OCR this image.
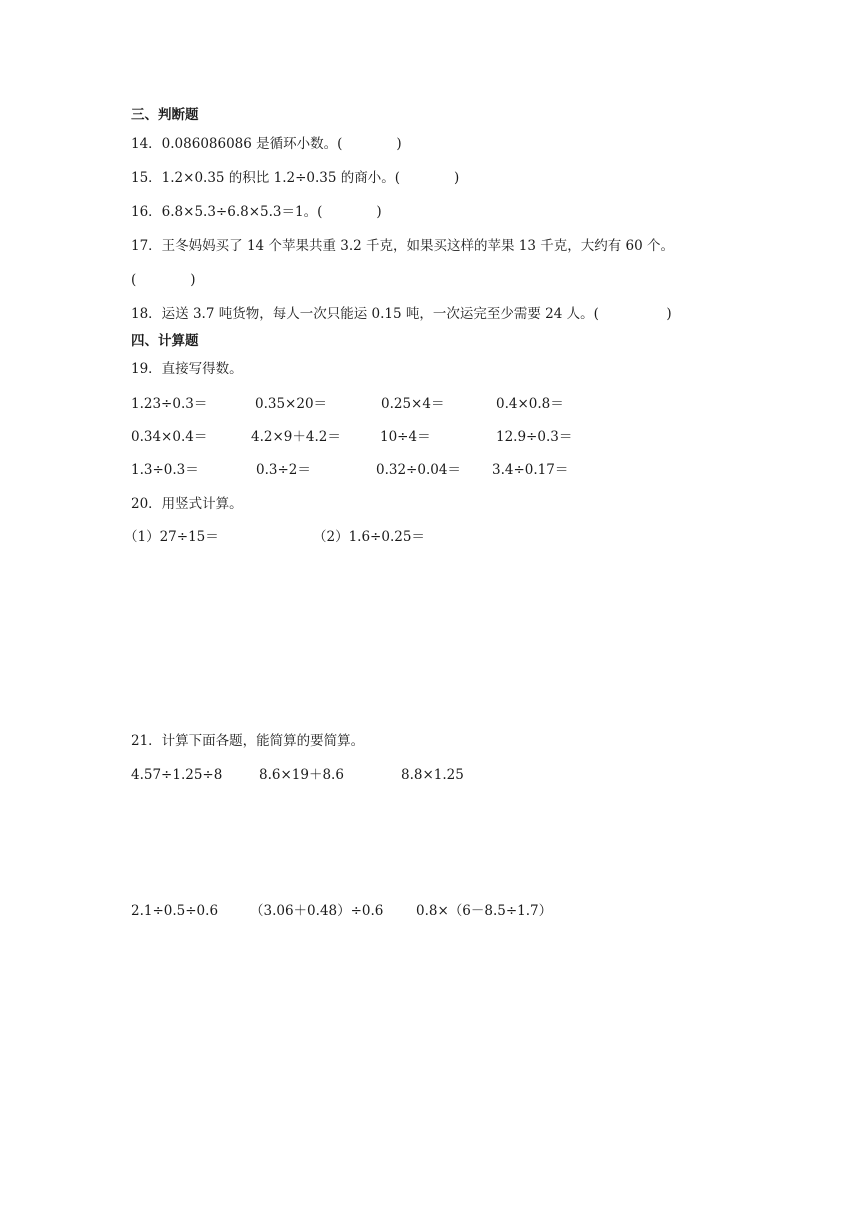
三、判断题
14．0.086086086 是循环小数。(　　　　)
15．1.2×0.35 的积比 1.2÷0.35 的商小。(　　　　)
16．6.8×5.3÷6.8×5.3＝1。(　　　　)
17．王冬妈妈买了 14 个苹果共重 3.2 千克，如果买这样的苹果 13 千克，大约有 60 个。
(　　　　)
18．运送 3.7 吨货物，每人一次只能运 0.15 吨，一次运完至少需要 24 人。(　　　　　)
四、计算题
19．直接写得数。
1.23÷0.3＝	0.35×20＝	0.25×4＝	0.4×0.8＝
0.34×0.4＝	4.2×9＋4.2＝	10÷4＝	12.9÷0.3＝
1.3÷0.3＝	0.3÷2＝	0.32÷0.04＝ 3.4÷0.17＝
20．用竖式计算。
（1）27÷15＝	（2）1.6÷0.25＝
21．计算下面各题，能简算的要简算。
4.57÷1.25÷8	8.6×19＋8.6	8.8×1.25
2.1÷0.5÷0.6 （3.06＋0.48）÷0.6 0.8×（6－8.5÷1.7）
